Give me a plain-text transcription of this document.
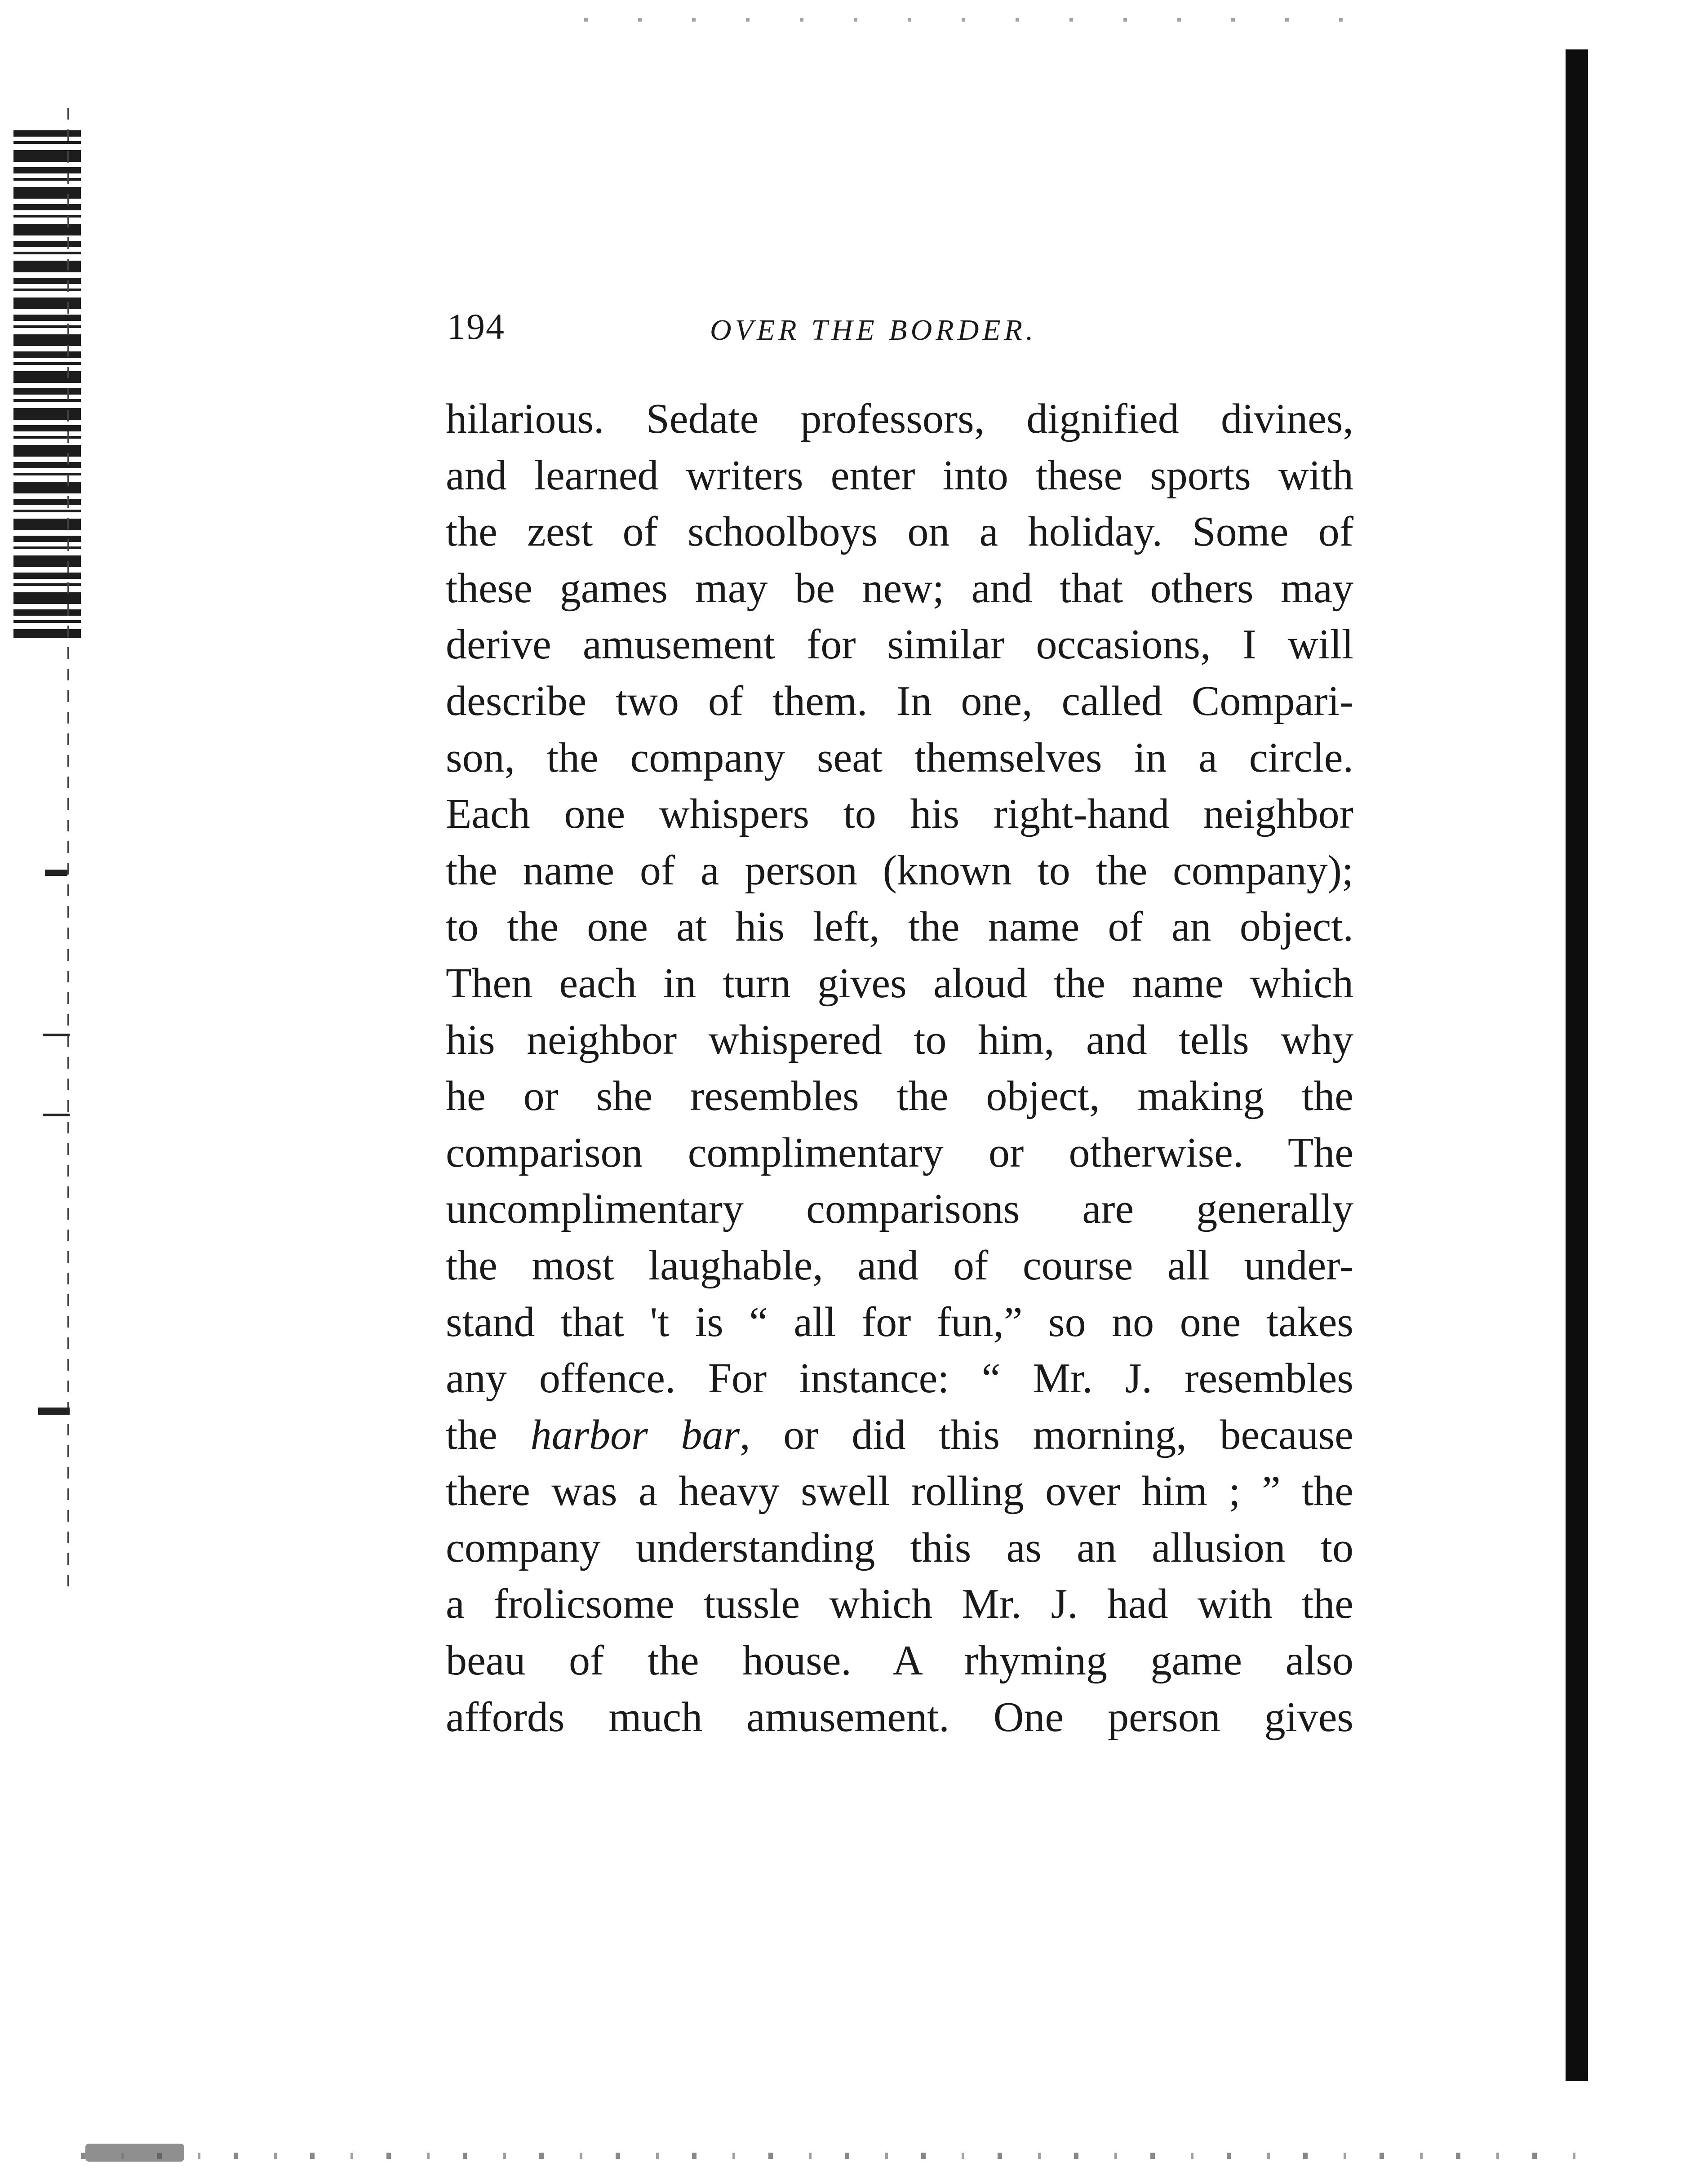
194	OVER THE BORDER.
hilarious. Sedate professors, dignified divines,
and learned writers enter into these sports with
the zest of schoolboys on a holiday. Some of
these games may be new; and that others may
derive amusement for similar occasions, I will
describe two of them. In one, called Compari-
son, the company seat themselves in a circle.
Each one whispers to his right-hand neighbor
the name of a person (known to the company);
to the one at his left, the name of an object.
Then each in turn gives aloud the name which
his neighbor whispered to him, and tells why
he or she resembles the object, making the
comparison complimentary or otherwise. The
uncomplimentary comparisons are generally
the most laughable, and of course all under-
stand that 't is “ all for fun,” so no one takes
any offence. For instance: “ Mr. J. resembles
the harbor bar, or did this morning, because
there was a heavy swell rolling over him ; ” the
company understanding this as an allusion to
a frolicsome tussle which Mr. J. had with the
beau of the house. A rhyming game also
affords much amusement. One person gives
